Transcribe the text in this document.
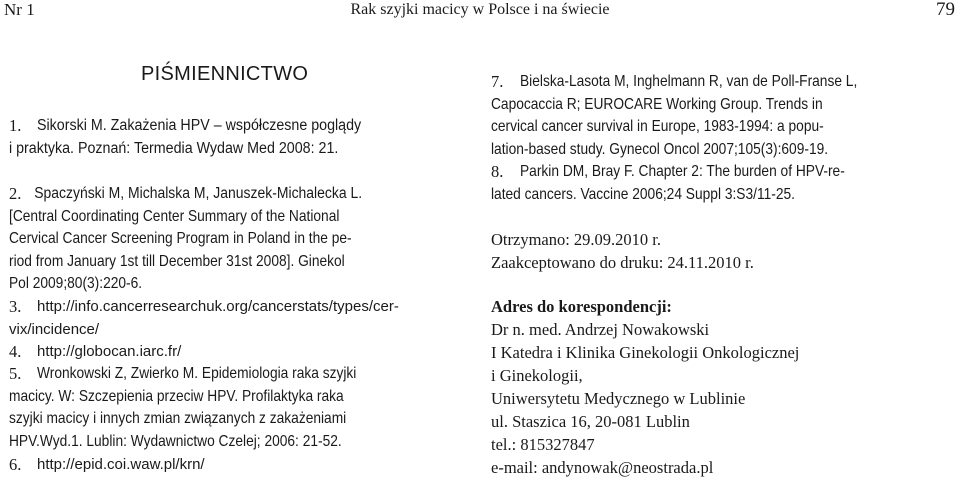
Nr 1	Rak szyjki macicy w Polsce i na świecie	79
PIŚMIENNICTWO
1.	Sikorski M. Zakażenia HPV – współczesne poglądy
i praktyka. Poznań: Termedia Wydaw Med 2008: 21.
2. Spaczyński M, Michalska M, Januszek-Michalecka L.
[Central Coordinating Center Summary of the National
Cervical Cancer Screening Program in Poland in the pe-
riod from January 1st till December 31st 2008]. Ginekol
Pol 2009;80(3):220-6.
3.	http://info.cancerresearchuk.org/cancerstats/types/cer-
vix/incidence/
4.	http://globocan.iarc.fr/
5. Wronkowski Z, Zwierko M. Epidemiologia raka szyjki
macicy. W: Szczepienia przeciw HPV. Profilaktyka raka
szyjki macicy i innych zmian związanych z zakażeniami
HPV.Wyd.1. Lublin: Wydawnictwo Czelej; 2006: 21-52.
6.	http://epid.coi.waw.pl/krn/
7.	Bielska-Lasota M, Inghelmann R, van de Poll-Franse L,
Capocaccia R; EUROCARE Working Group. Trends in
cervical cancer survival in Europe, 1983-1994: a popu-
lation-based study. Gynecol Oncol 2007;105(3):609-19.
8.	Parkin DM, Bray F. Chapter 2: The burden of HPV-re-
lated cancers. Vaccine 2006;24 Suppl 3:S3/11-25.
Otrzymano: 29.09.2010 r.
Zaakceptowano do druku: 24.11.2010 r.
Adres do korespondencji:
Dr n. med. Andrzej Nowakowski
I Katedra i Klinika Ginekologii Onkologicznej
i Ginekologii,
Uniwersytetu Medycznego w Lublinie
ul. Staszica 16, 20-081 Lublin
tel.: 815327847
e-mail: andynowak@neostrada.pl
